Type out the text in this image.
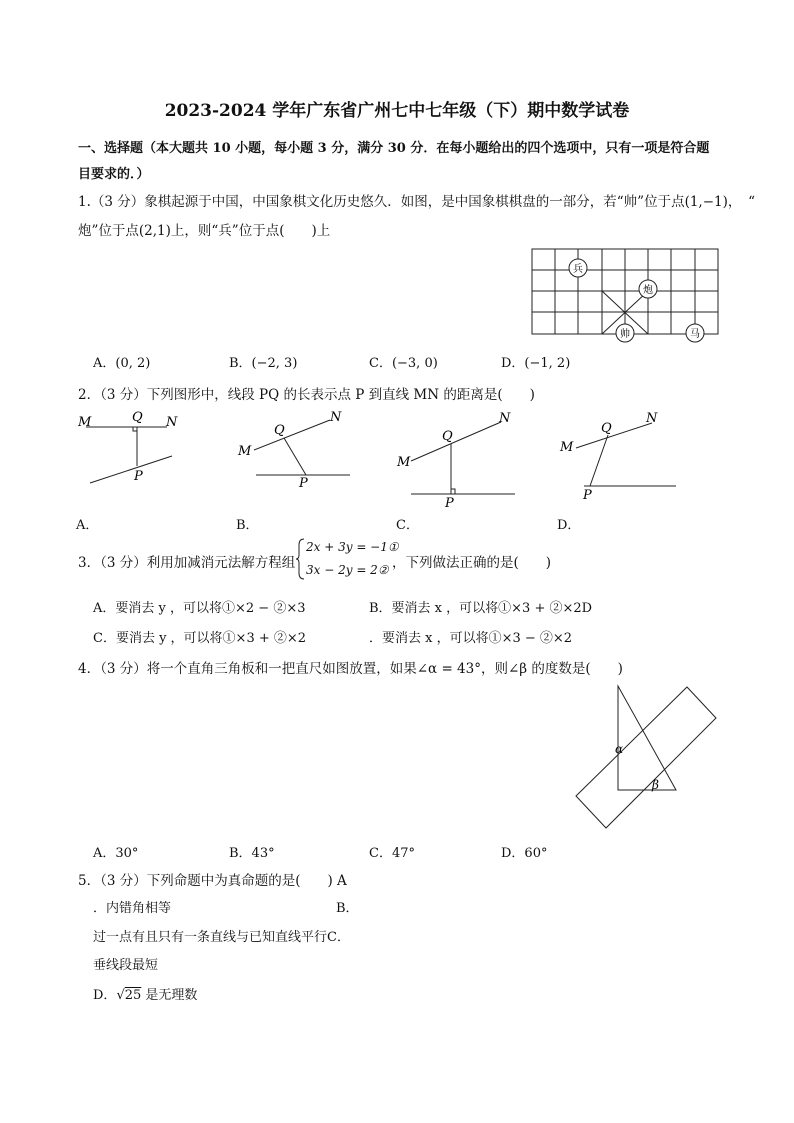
2023-2024 学年广东省广州七中七年级（下）期中数学试卷
一、选择题（本大题共 10 小题，每小题 3 分，满分 30 分．在每小题给出的四个选项中，只有一项是符合题
目要求的．）
1.（3 分）象棋起源于中国，中国象棋文化历史悠久．如图，是中国象棋棋盘的一部分，若“帅”位于点(1,−1)，　“
炮”位于点(2,1)上，则“兵”位于点(　　)上
兵
炮
帅	马
A．(0, 2)	B．(−2, 3)	C．(−3, 0)	D．(−1, 2)
2．（3 分）下列图形中，线段 PQ 的长表示点 P 到直线 MN 的距离是(　　)
M	N
Q
P
M
N
Q
P
M
N
Q
P
M
N
Q
P
A．	B．	C．	D．
3．（3 分）利用加减消元法解方程组
2x + 3y = −1①
3x − 2y = 2② ，下列做法正确的是(　　)
A．要消去 y ，可以将①×2 − ②×3	B．要消去 x ，可以将①×3 + ②×2D
C．要消去 y ，可以将①×3 + ②×2	．要消去 x ，可以将①×3 − ②×2
4．（3 分）将一个直角三角板和一把直尺如图放置，如果∠α = 43°，则∠β 的度数是(　　)
α
β
A．30°	B．43°	C．47°	D．60°
5．（3 分）下列命题中为真命题的是(　　) A
．内错角相等	B．
过一点有且只有一条直线与已知直线平行C．
垂线段最短
D．√25 是无理数
